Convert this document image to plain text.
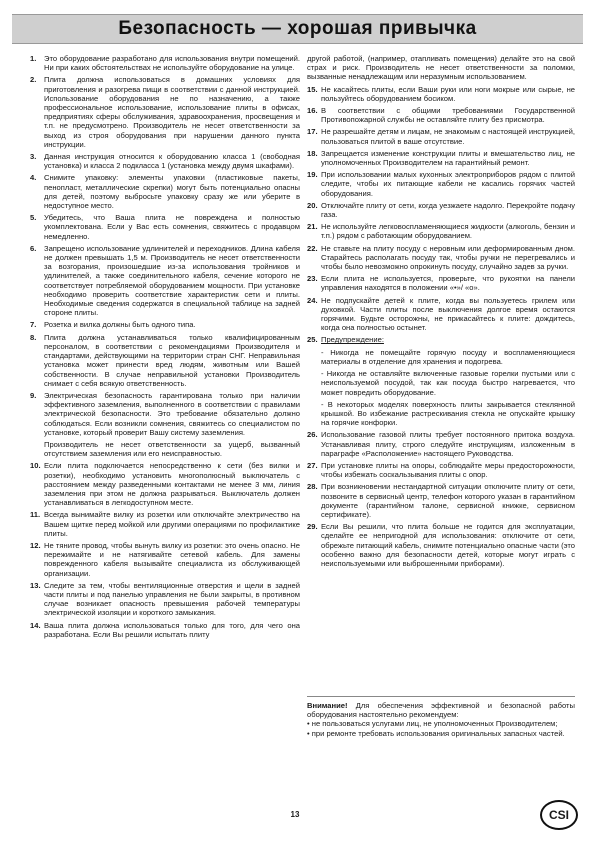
Безопасность — хорошая привычка
1.	Это оборудование разработано для использования внутри помещений. Ни при каких обстоятельствах не используйте оборудование на улице.
2.	Плита должна использоваться в домашних условиях для приготовления и разогрева пищи в соответствии с данной инструкцией. Использование оборудования не по назначению, а также профессиональное использование, использование плиты в офисах, предприятиях сферы обслуживания, здравоохранения, просвещения и т.п. не предусмотрено. Производитель не несет ответственности за выход из строя оборудования при нарушении данного пункта инструкции.
3.	Данная инструкция относится к оборудованию класса 1 (свободная установка) и класса 2 подкласса 1 (установка между двумя шкафами).
4.	Снимите упаковку: элементы упаковки (пластиковые пакеты, пенопласт, металлические скрепки) могут быть потенциально опасны для детей, поэтому выбросьте упаковку сразу же или уберите в недоступное место.
5.	Убедитесь, что Ваша плита не повреждена и полностью укомплектована. Если у Вас есть сомнения, свяжитесь с продавцом немедленно.
6.	Запрещено использование удлинителей и переходников. Длина кабеля не должен превышать 1,5 м. Производитель не несет ответственности за возгорания, произошедшие из-за использования тройников и удлинителей, а также соединительного кабеля, сечение которого не соответствует потребляемой оборудованием мощности. При установке необходимо проверить соответствие характеристик сети и плиты. Необходимые сведения содержатся в специальной таблице на задней стороне плиты.
7.	Розетка и вилка должны быть одного типа.
8.	Плита должна устанавливаться только квалифицированным персоналом, в соответствии с рекомендациями Производителя и стандартами, действующими на территории стран СНГ. Неправильная установка может принести вред людям, животным или Вашей собственности. В случае неправильной установки Производитель снимает с себя всякую ответственность.
9.	Электрическая безопасность гарантирована только при наличии эффективного заземления, выполненного в соответствии с правилами электрической безопасности. Это требование обязательно должно соблюдаться. Если возникли сомнения, свяжитесь со специалистом по установке, который проверит Вашу систему заземления.
Производитель не несет ответственности за ущерб, вызванный отсутствием заземления или его неисправностью.
10. Если плита подключается непосредственно к сети (без вилки и розетки), необходимо установить многополюсный выключатель с расстоянием между разведенными контактами не менее 3 мм, линия заземления при этом не должна разрываться. Выключатель должен устанавливаться в легкодоступном месте.
11. Всегда вынимайте вилку из розетки или отключайте электричество на Вашем щитке перед мойкой или другими операциями по профилактике плиты.
12. Не тяните провод, чтобы вынуть вилку из розетки: это очень опасно. Не пережимайте и не натягивайте сетевой кабель. Для замены поврежденного кабеля вызывайте специалиста из обслуживающей организации.
13. Следите за тем, чтобы вентиляционные отверстия и щели в задней части плиты и под панелью управления не были закрыты, в противном случае возникает опасность превышения рабочей температуры электрической изоляции и короткого замыкания.
14. Ваша плита должна использоваться только для того, для чего она разработана. Если Вы решили испытать плиту
другой работой, (например, отапливать помещения) делайте это на свой страх и риск. Производитель не несет ответственности за поломки, вызванные ненадлежащим или неразумным использованием.
15. Не касайтесь плиты, если Ваши руки или ноги мокрые или сырые, не пользуйтесь оборудованием босиком.
16. В соответствии с общими требованиями Государственной Противопожарной службы не оставляйте плиту без присмотра.
17. Не разрешайте детям и лицам, не знакомым с настоящей инструкцией, пользоваться плитой в ваше отсутствие.
18. Запрещается изменение конструкции плиты и вмешательство лиц, не уполномоченных Производителем на гарантийный ремонт.
19. При использовании малых кухонных электроприборов рядом с плитой следите, чтобы их питающие кабели не касались горячих частей оборудования.
20. Отключайте плиту от сети, когда уезжаете надолго. Перекройте подачу газа.
21. Не используйте легковоспламеняющиеся жидкости (алкоголь, бензин и т.п.) рядом с работающим оборудованием.
22. Не ставьте на плиту посуду с неровным или деформированным дном. Старайтесь располагать посуду так, чтобы ручки не перегревались и чтобы было невозможно опрокинуть посуду, случайно задев за ручки.
23. Если плита не используется, проверьте, что рукоятки на панели управления находятся в положении «•»/ «о».
24. Не подпускайте детей к плите, когда вы пользуетесь грилем или духовкой. Части плиты после выключения долгое время остаются горячими. Будьте осторожны, не прикасайтесь к плите: дождитесь, когда она полностью остынет.
25. Предупреждение:
- Никогда не помещайте горячую посуду и воспламеняющиеся материалы в отделение для хранения и подогрева.
- Никогда не оставляйте включенные газовые горелки пустыми или с неиспользуемой посудой, так как посуда быстро нагревается, что может повредить оборудование.
- В некоторых моделях поверхность плиты закрывается стеклянной крышкой. Во избежание растрескивания стекла не опускайте крышку на горячие конфорки.
26. Использование газовой плиты требует постоянного притока воздуха. Устанавливая плиту, строго следуйте инструкциям, изложенным в параграфе «Расположение» настоящего Руководства.
27. При установке плиты на опоры, соблюдайте меры предосторожности, чтобы избежать соскальзывания плиты с опор.
28. При возникновении нестандартной ситуации отключите плиту от сети, позвоните в сервисный центр, телефон которого указан в гарантийном документе (гарантийном талоне, сервисной книжке, сервисном сертификате).
29. Если Вы решили, что плита больше не годится для эксплуатации, сделайте ее непригодной для использования: отключите от сети, обрежьте питающий кабель, снимите потенциально опасные части (это особенно важно для безопасности детей, которые могут играть с неиспользуемыми или выброшенными приборами).
Внимание! Для обеспечения эффективной и безопасной работы оборудования настоятельно рекомендуем:
• не пользоваться услугами лиц, не уполномоченных Производителем;
• при ремонте требовать использования оригинальных запасных частей.
13	CSI
